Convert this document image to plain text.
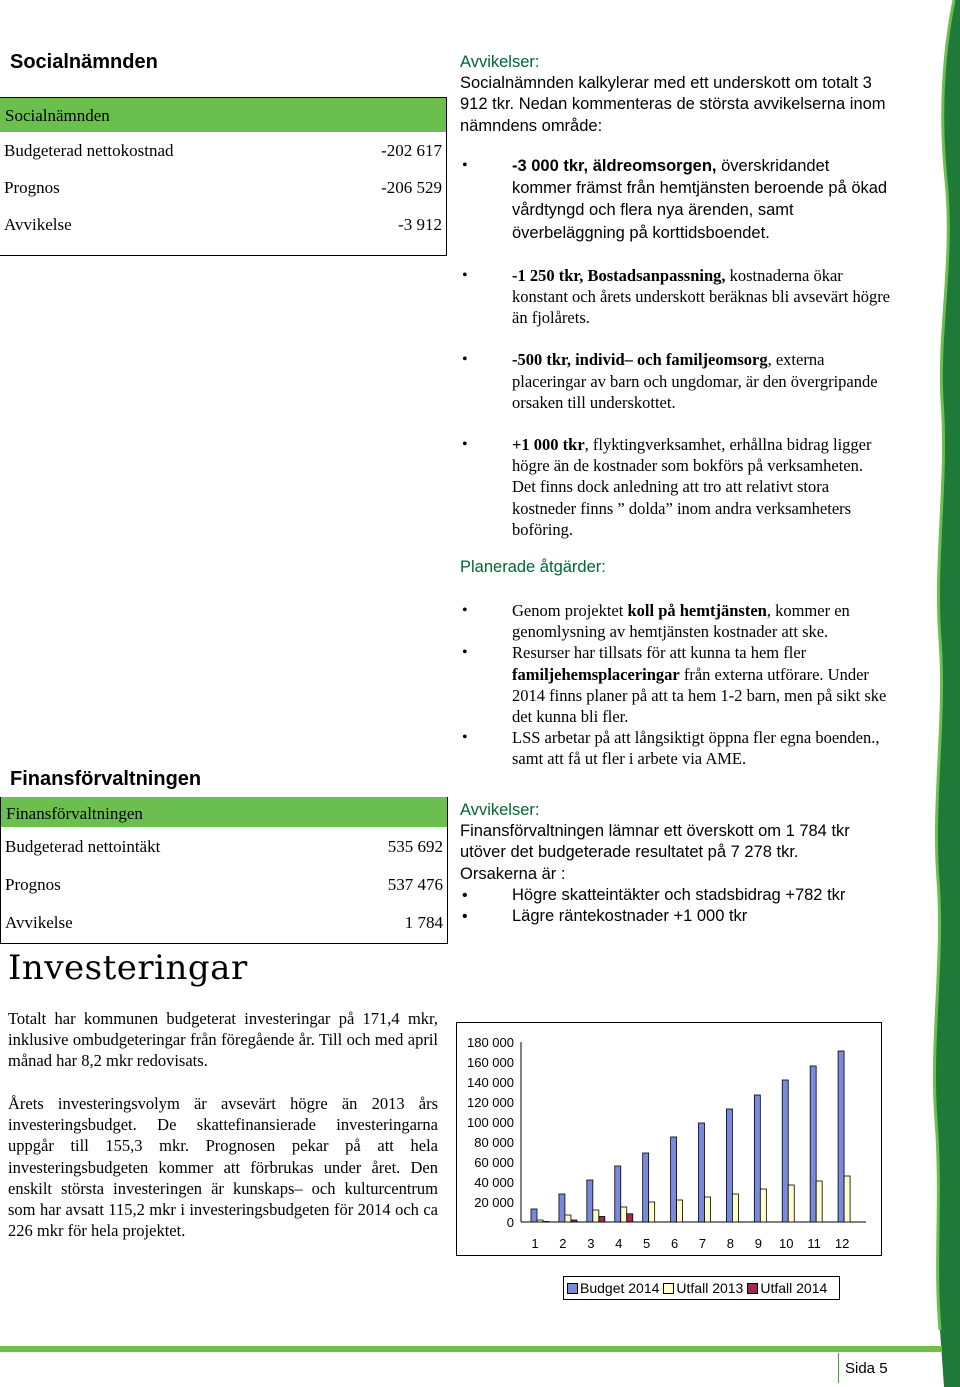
Socialnämnden
Socialnämnden
Budgeterad nettokostnad	-202 617
Prognos	-206 529
Avvikelse	-3 912
Avvikelser:
Socialnämnden kalkylerar med ett underskott om totalt 3 912 tkr. Nedan kommenteras de största avvikelserna inom nämndens område:
• -3 000 tkr, äldreomsorgen, överskridandet kommer främst från hemtjänsten beroende på ökad vårdtyngd och flera nya ärenden, samt överbeläggning på korttidsboendet.
• -1 250 tkr, Bostadsanpassning, kostnaderna ökar konstant och årets underskott beräknas bli avsevärt högre än fjolårets.
• -500 tkr, individ– och familjeomsorg, externa placeringar av barn och ungdomar, är den övergripande orsaken till underskottet.
• +1 000 tkr, flyktingverksamhet, erhållna bidrag ligger högre än de kostnader som bokförs på verksamheten. Det finns dock anledning att tro att relativt stora kostneder finns ” dolda” inom andra verksamheters boföring.
Planerade åtgärder:
• Genom projektet koll på hemtjänsten, kommer en genomlysning av hemtjänsten kostnader att ske.
• Resurser har tillsats för att kunna ta hem fler familjehemsplaceringar från externa utförare. Under 2014 finns planer på att ta hem 1-2 barn, men på sikt ske det kunna bli fler.
• LSS arbetar på att långsiktigt öppna fler egna boenden., samt att få ut fler i arbete via AME.
Finansförvaltningen
Finansförvaltningen
Budgeterad nettointäkt	535 692
Prognos	537 476
Avvikelse	1 784
Avvikelser:
Finansförvaltningen lämnar ett överskott om 1 784 tkr utöver det budgeterade resultatet på 7 278 tkr.
Orsakerna är :
• Högre skatteintäkter och stadsbidrag +782 tkr
• Lägre räntekostnader +1 000 tkr
Investeringar
Totalt har kommunen budgeterat investeringar på 171,4 mkr, inklusive ombudgeteringar från föregående år. Till och med april månad har 8,2 mkr redovisats.
Årets investeringsvolym är avsevärt högre än 2013 års investeringsbudget. De skattefinansierade investeringarna uppgår till 155,3 mkr. Prognosen pekar på att hela investeringsbudgeten kommer att förbrukas under året. Den enskilt största investeringen är kunskaps– och kulturcentrum som har avsatt 115,2 mkr i investeringsbudgeten för 2014 och ca 226 mkr för hela projektet.	0
20 000
40 000
60 000
80 000
100 000
120 000
140 000
160 000
180 000
1 2 3 4 5 6 7 8 9 10 11 12
Budget 2014 Utfall 2013 Utfall 2014
Sida 5
